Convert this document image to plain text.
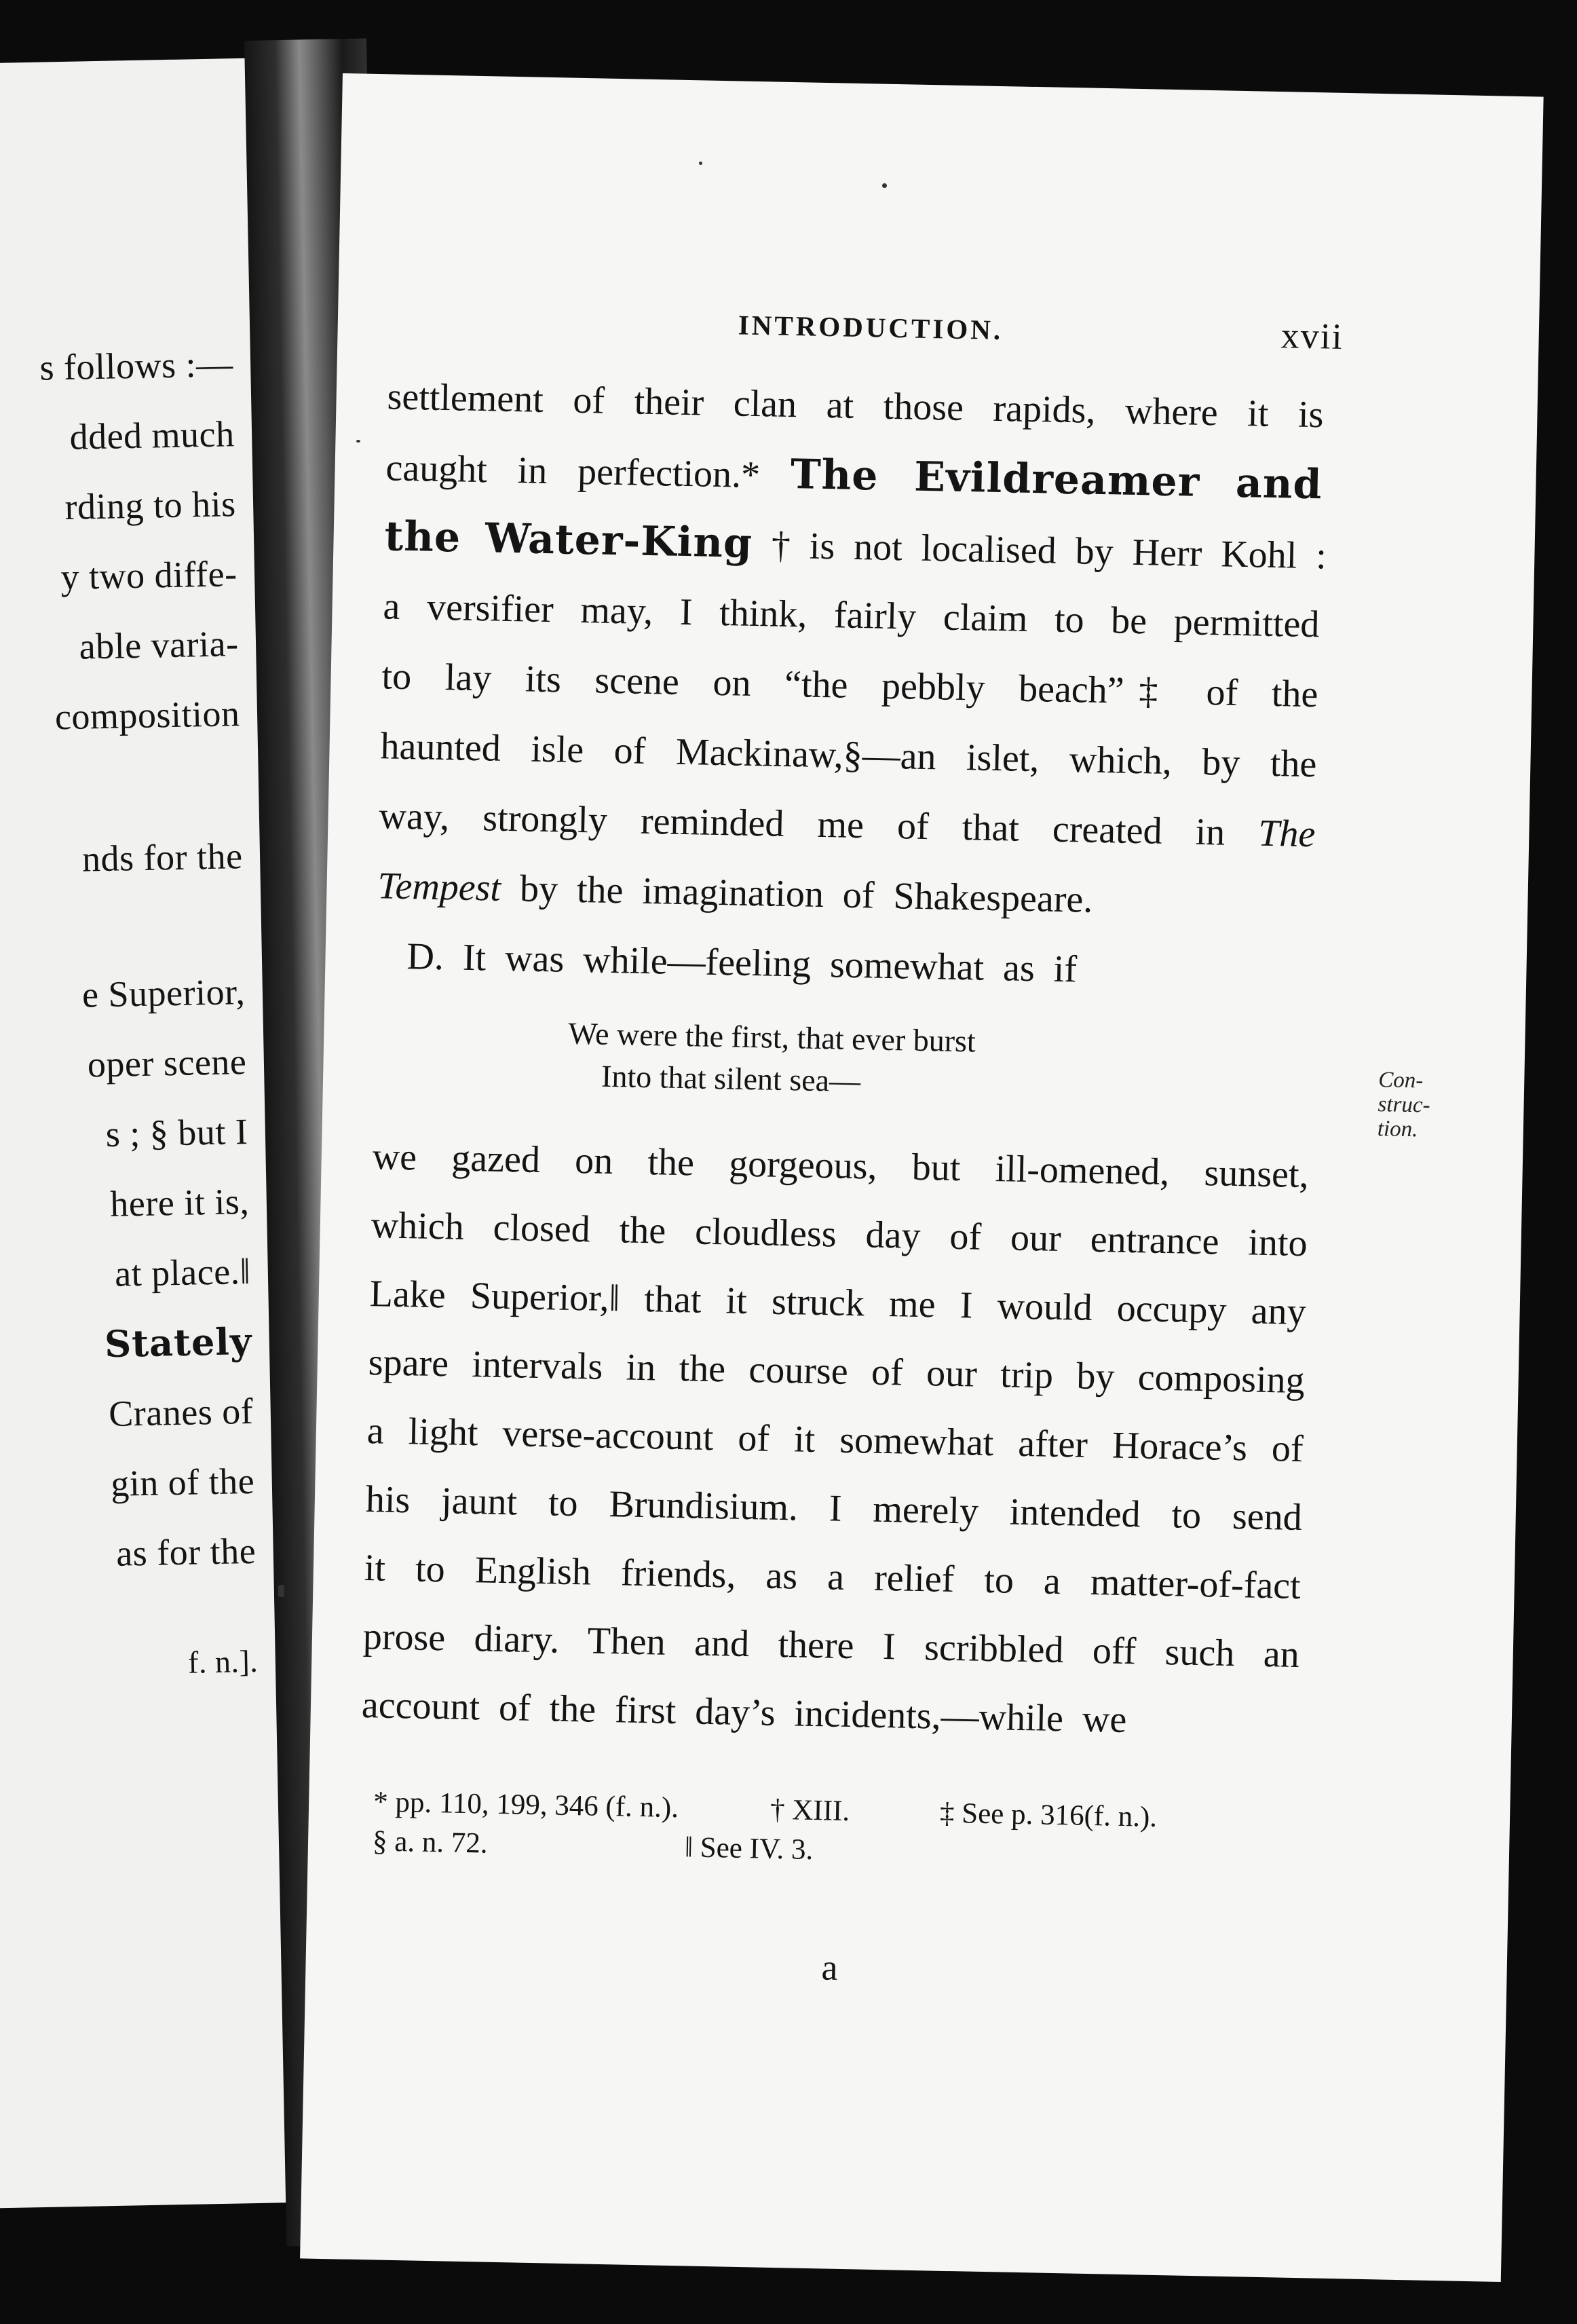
s follows :—
dded much
rding to his
y two diffe-
able varia-
composition
nds for the
e Superior,
oper scene
s ; § but I
here it is,
at place.‖
Stately
Cranes of
gin of the
as for the
f. n.].
INTRODUCTION.	xvii
settlement of their clan at those rapids, where it is
caught in perfection.* The Evildreamer and
the Water-King † is not localised by Herr Kohl :
a versifier may, I think, fairly claim to be permitted
to lay its scene on “the pebbly beach”‡ of the
haunted isle of Mackinaw,§—an islet, which, by the
way, strongly reminded me of that created in The
Tempest by the imagination of Shakespeare.
D. It was while—feeling somewhat as if
Con-
struc-
tion.
We were the first, that ever burst
Into that silent sea—
we gazed on the gorgeous, but ill-omened, sunset,
which closed the cloudless day of our entrance into
Lake Superior,‖ that it struck me I would occupy any
spare intervals in the course of our trip by composing
a light verse-account of it somewhat after Horace’s of
his jaunt to Brundisium. I merely intended to send
it to English friends, as a relief to a matter-of-fact
prose diary. Then and there I scribbled off such an
account of the first day’s incidents,—while we
* pp. 110, 199, 346 (f. n.).	† XIII.	‡ See p. 316(f. n.).
§ a. n. 72.	‖ See IV. 3.
a
